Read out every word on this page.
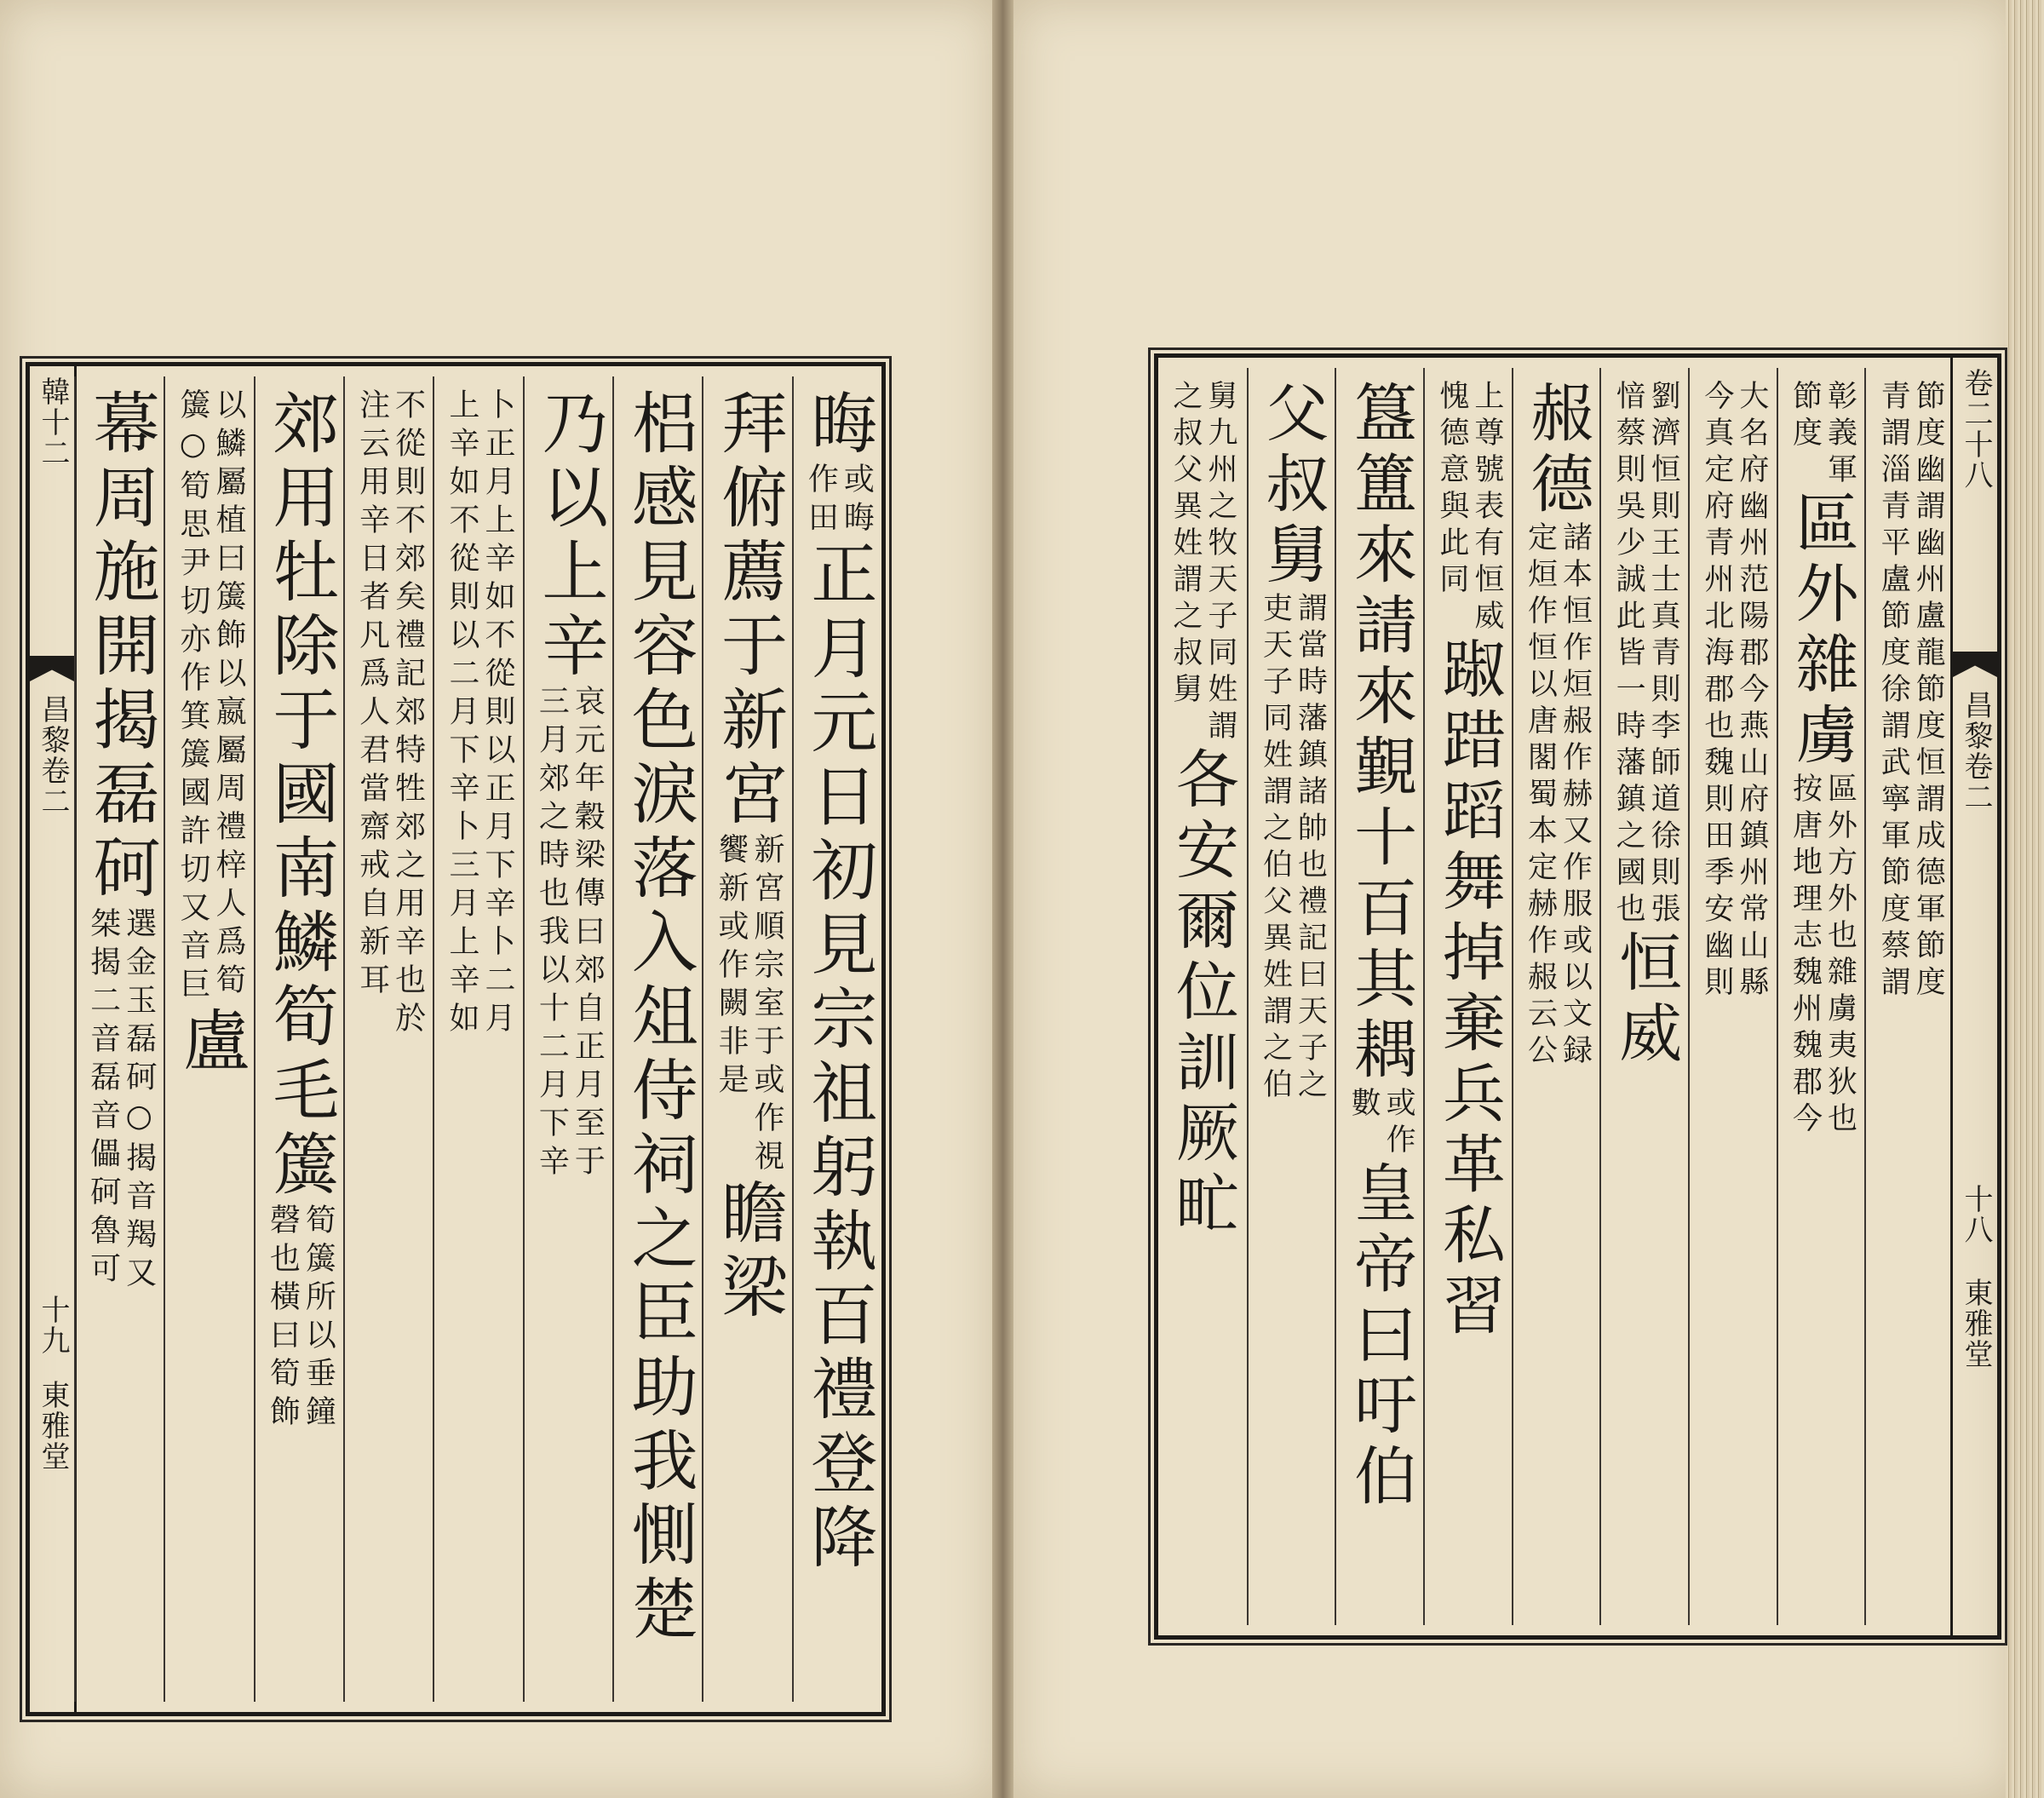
韓十二
昌黎卷二
十九
東雅堂
晦
或晦
作田
正月元日初見宗祖躬執百禮登降
拜俯薦于新宮
新宮順宗室于或作視
饗新或作闕非是
瞻梁
梠感見容色淚落入俎侍祠之臣助我惻楚
乃以上辛
哀元年穀梁傳曰郊自正月至于
三月郊之時也我以十二月下辛
卜正月上辛如不從則以正月下辛卜二月
上辛如不從則以二月下辛卜三月上辛如
不從則不郊矣禮記郊特牲郊之用辛也於
注云用辛日者凡爲人君當齋戒自新耳
郊用牡除于國南鱗筍毛簴
筍簴所以垂鐘
磬也橫曰筍飾
以鱗屬植曰簴飾以嬴屬周禮梓人爲筍
簴○筍思尹切亦作箕簴國許切又音巨
盧
幕周施開揭磊砢
選金玉磊砢○揭音羯又
桀揭二音磊音儡砢魯可
卷二十八
昌黎卷二
十八
東雅堂
節度幽謂幽州盧龍節度恒謂成德軍節度
青謂淄青平盧節度徐謂武寧軍節度蔡謂
彰義軍
節度
區外雜虜
區外方外也雜虜夷狄也
按唐地理志魏州魏郡今
大名府幽州范陽郡今燕山府鎮州常山縣
今真定府青州北海郡也魏則田季安幽則
劉濟恒則王士真青則李師道徐則張
愔蔡則吳少誠此皆一時藩鎮之國也
恒威
赧德
諸本恒作烜赧作赫又作服或以文録
定烜作恒以唐閣蜀本定赫作赧云公
上尊號表有恒威
愧德意與此同
踧踖蹈舞掉棄兵革私習
簋簠來請來覲十百其耦
或作
數
皇帝曰吁伯
父叔舅
謂當時藩鎮諸帥也禮記曰天子之
吏天子同姓謂之伯父異姓謂之伯
舅九州之牧天子同姓謂
之叔父異姓謂之叔舅
各安爾位訓厥甿
